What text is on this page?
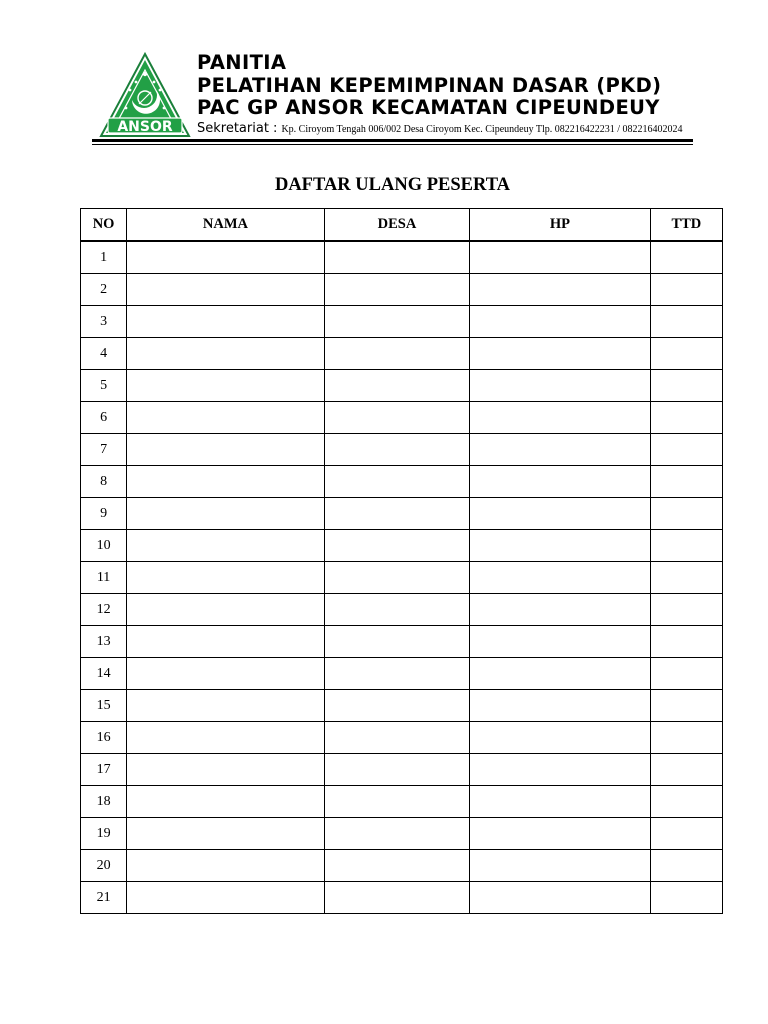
ANSOR
PANITIA
PELATIHAN KEPEMIMPINAN DASAR (PKD)
PAC GP ANSOR KECAMATAN CIPEUNDEUY
Sekretariat : Kp. Ciroyom Tengah 006/002 Desa Ciroyom Kec. Cipeundeuy Tlp. 082216422231 / 082216402024
DAFTAR ULANG PESERTA
NO	NAMA	DESA	HP	TTD
1				
2				
3				
4				
5				
6				
7				
8				
9				
10				
11				
12				
13				
14				
15				
16				
17				
18				
19				
20				
21				
